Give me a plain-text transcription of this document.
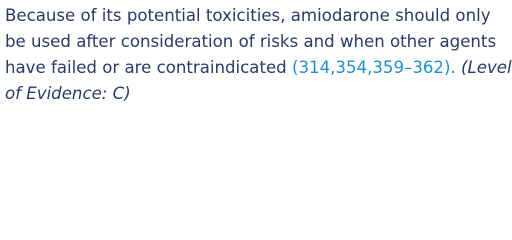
Because of its potential toxicities, amiodarone should only
be used after consideration of risks and when other agents
have failed or are contraindicated (314,354,359–362). (Level
of Evidence: C)
